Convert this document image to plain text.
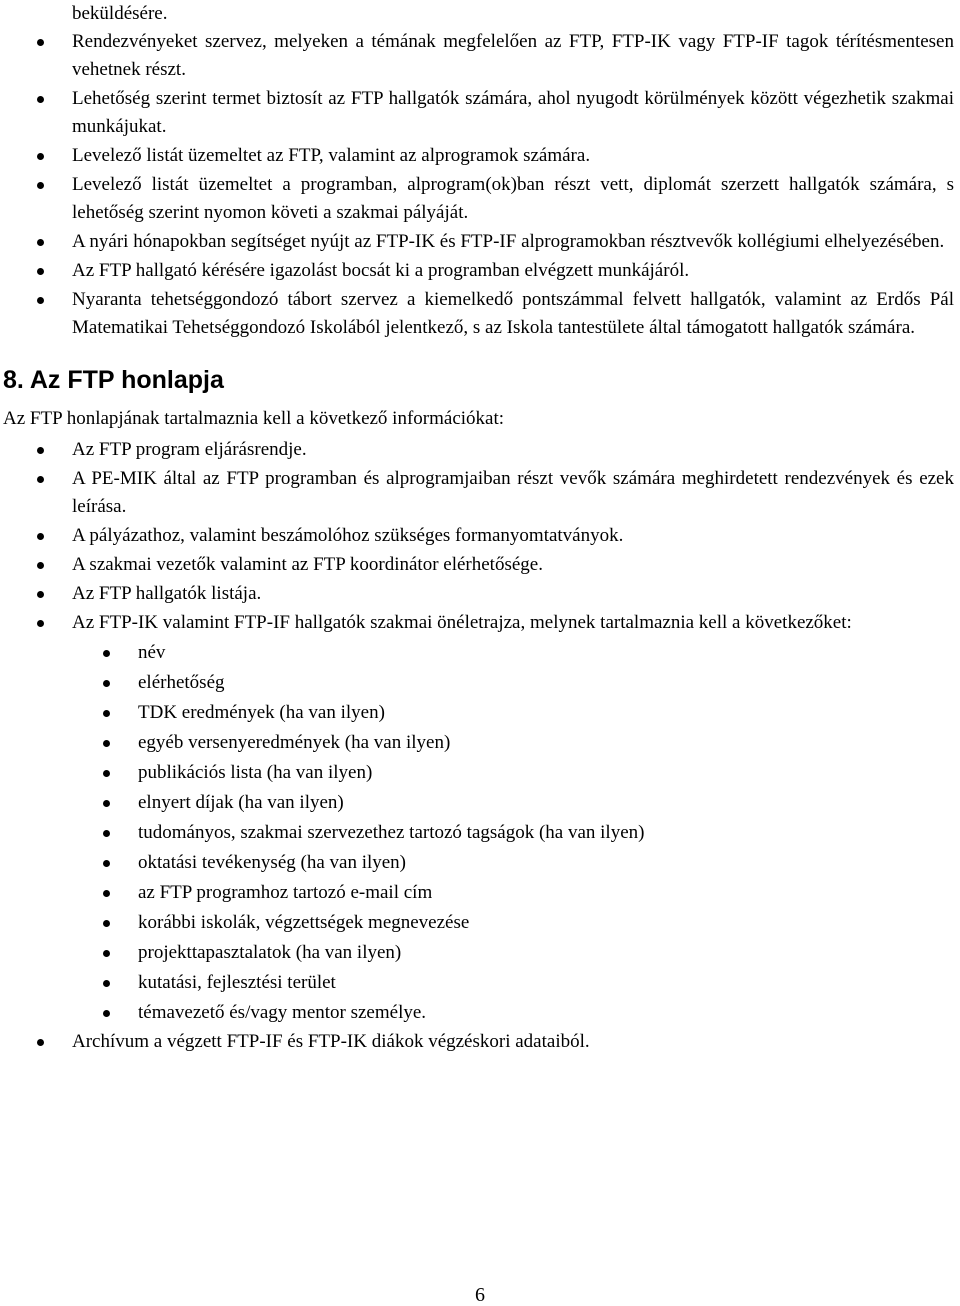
beküldésére.
Rendezvényeket szervez, melyeken a témának megfelelően az FTP, FTP-IK vagy FTP-IF tagok térítésmentesen vehetnek részt.
Lehetőség szerint termet biztosít az FTP hallgatók számára, ahol nyugodt körülmények között végezhetik szakmai munkájukat.
Levelező listát üzemeltet az FTP, valamint az alprogramok számára.
Levelező listát üzemeltet a programban, alprogram(ok)ban részt vett, diplomát szerzett hallgatók számára, s lehetőség szerint nyomon követi a szakmai pályáját.
A nyári hónapokban segítséget nyújt az FTP-IK és FTP-IF alprogramokban résztvevők kollégiumi elhelyezésében.
Az FTP hallgató kérésére igazolást bocsát ki a programban elvégzett munkájáról.
Nyaranta tehetséggondozó tábort szervez a kiemelkedő pontszámmal felvett hallgatók, valamint az Erdős Pál Matematikai Tehetséggondozó Iskolából jelentkező, s az Iskola tantestülete által támogatott hallgatók számára.
8. Az FTP honlapja
Az FTP honlapjának tartalmaznia kell a következő információkat:
Az FTP program eljárásrendje.
A PE-MIK által az FTP programban és alprogramjaiban részt vevők számára meghirdetett rendezvények és ezek leírása.
A pályázathoz, valamint beszámolóhoz szükséges formanyomtatványok.
A szakmai vezetők valamint az FTP koordinátor elérhetősége.
Az FTP hallgatók listája.
Az FTP-IK valamint FTP-IF hallgatók szakmai önéletrajza, melynek tartalmaznia kell a következőket:
név
elérhetőség
TDK eredmények (ha van ilyen)
egyéb versenyeredmények (ha van ilyen)
publikációs lista (ha van ilyen)
elnyert díjak (ha van ilyen)
tudományos, szakmai szervezethez tartozó tagságok (ha van ilyen)
oktatási tevékenység (ha van ilyen)
az FTP programhoz tartozó e-mail cím
korábbi iskolák, végzettségek megnevezése
projekttapasztalatok (ha van ilyen)
kutatási, fejlesztési terület
témavezető és/vagy mentor személye.
Archívum a végzett FTP-IF és FTP-IK diákok végzéskori adataiból.
6
